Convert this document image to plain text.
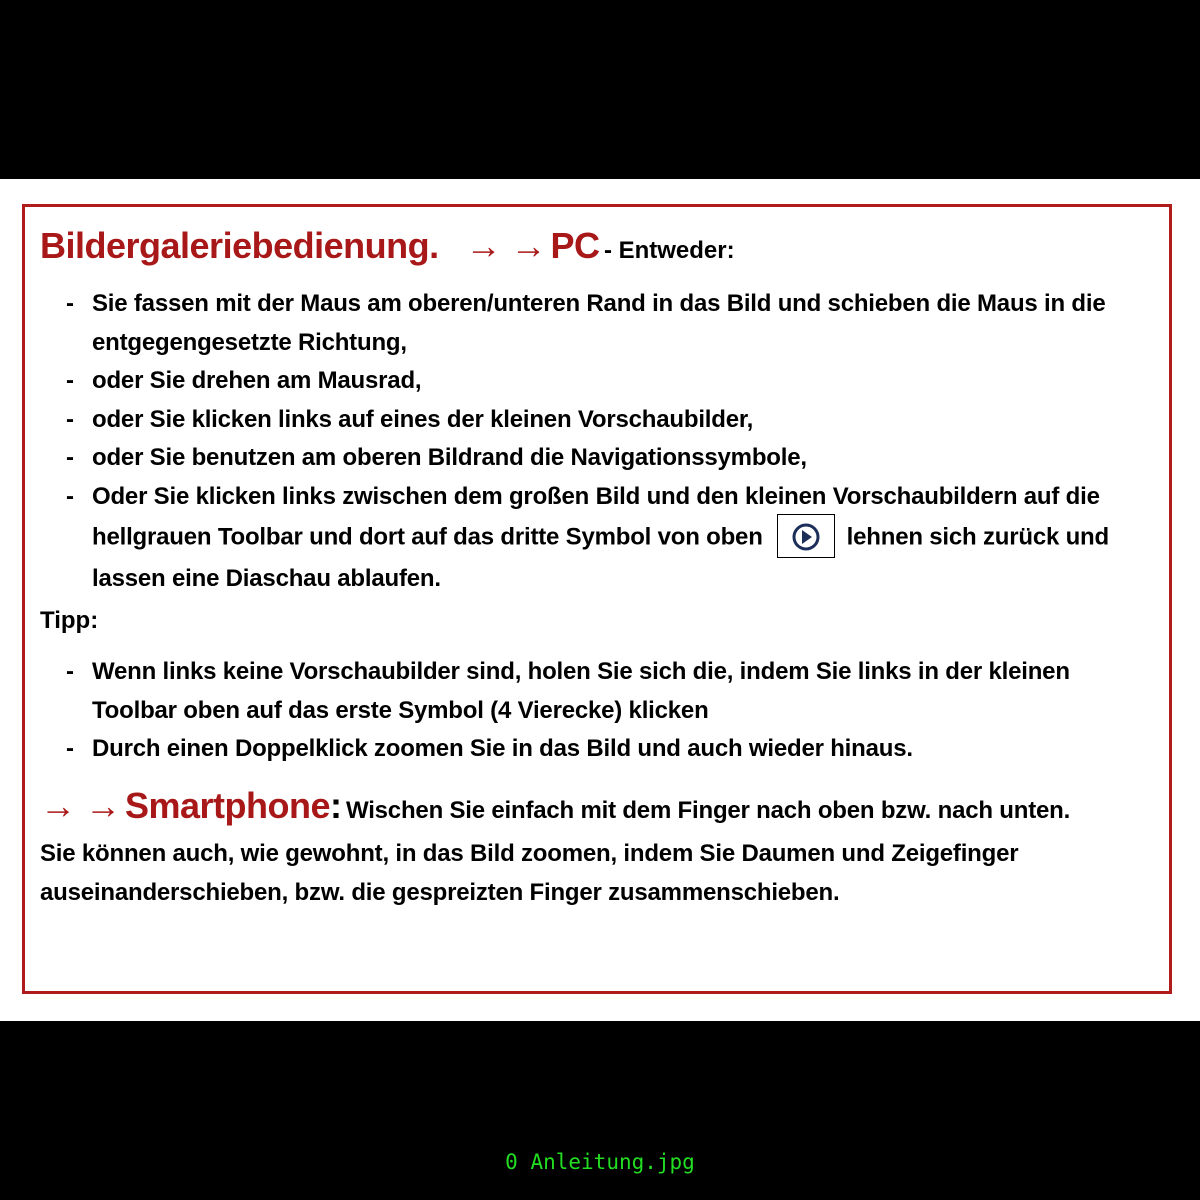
Bildergaleriebedienung. → → PC - Entweder:
- Sie fassen mit der Maus am oberen/unteren Rand in das Bild und schieben die Maus in die entgegengesetzte Richtung,
- oder Sie drehen am Mausrad,
- oder Sie klicken links auf eines der kleinen Vorschaubilder,
- oder Sie benutzen am oberen Bildrand die Navigationssymbole,
- Oder Sie klicken links zwischen dem großen Bild und den kleinen Vorschaubildern auf die hellgrauen Toolbar und dort auf das dritte Symbol von oben	lehnen sich zurück und lassen eine Diaschau ablaufen.
Tipp:
- Wenn links keine Vorschaubilder sind, holen Sie sich die, indem Sie links in der kleinen Toolbar oben auf das erste Symbol (4 Vierecke) klicken
- Durch einen Doppelklick zoomen Sie in das Bild und auch wieder hinaus.
→ → Smartphone: Wischen Sie einfach mit dem Finger nach oben bzw. nach unten.
Sie können auch, wie gewohnt, in das Bild zoomen, indem Sie Daumen und Zeigefinger auseinanderschieben, bzw. die gespreizten Finger zusammenschieben.
0 Anleitung.jpg
